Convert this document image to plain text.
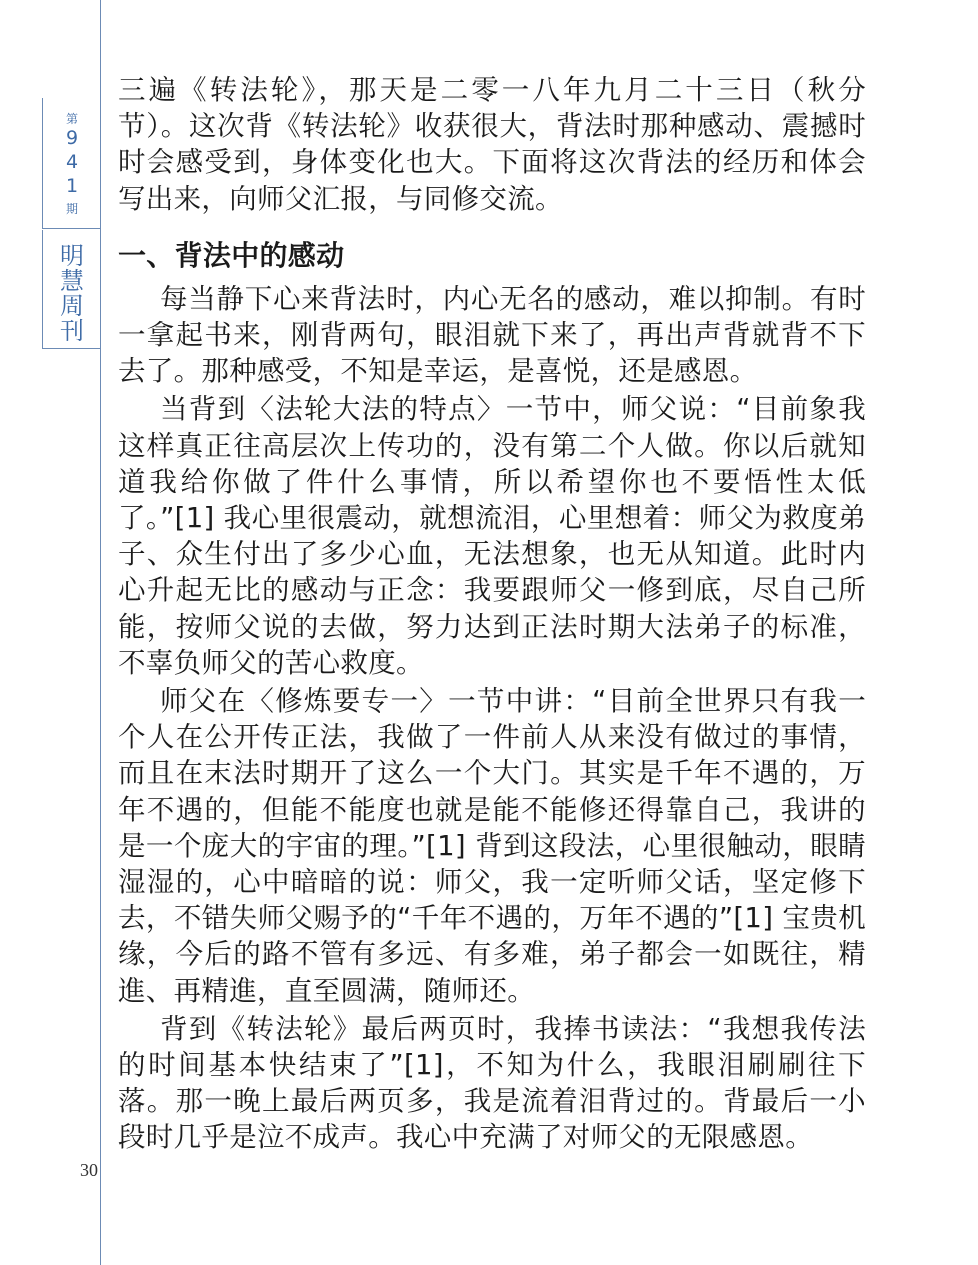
第
9
4
1
期
明慧周刊
30

三遍《转法轮》，那天是二零一八年九月二十三日（秋分节）。这次背《转法轮》收获很大，背法时那种感动、震撼时时会感受到，身体变化也大。下面将这次背法的经历和体会写出来，向师父汇报，与同修交流。

一、背法中的感动

每当静下心来背法时，内心无名的感动，难以抑制。有时一拿起书来，刚背两句，眼泪就下来了，再出声背就背不下去了。那种感受，不知是幸运，是喜悦，还是感恩。

当背到〈法轮大法的特点〉一节中，师父说：“目前象我这样真正往高层次上传功的，没有第二个人做。你以后就知道我给你做了件什么事情，所以希望你也不要悟性太低了。”[1] 我心里很震动，就想流泪，心里想着：师父为救度弟子、众生付出了多少心血，无法想象，也无从知道。此时内心升起无比的感动与正念：我要跟师父一修到底，尽自己所能，按师父说的去做，努力达到正法时期大法弟子的标准，不辜负师父的苦心救度。

师父在〈修炼要专一〉一节中讲：“目前全世界只有我一个人在公开传正法，我做了一件前人从来没有做过的事情，而且在末法时期开了这么一个大门。其实是千年不遇的，万年不遇的，但能不能度也就是能不能修还得靠自己，我讲的是一个庞大的宇宙的理。”[1] 背到这段法，心里很触动，眼睛湿湿的，心中暗暗的说：师父，我一定听师父话，坚定修下去，不错失师父赐予的“千年不遇的，万年不遇的”[1] 宝贵机缘，今后的路不管有多远、有多难，弟子都会一如既往，精進、再精進，直至圆满，随师还。

背到《转法轮》最后两页时，我捧书读法：“我想我传法的时间基本快结束了”[1]，不知为什么，我眼泪刷刷往下落。那一晚上最后两页多，我是流着泪背过的。背最后一小段时几乎是泣不成声。我心中充满了对师父的无限感恩。
